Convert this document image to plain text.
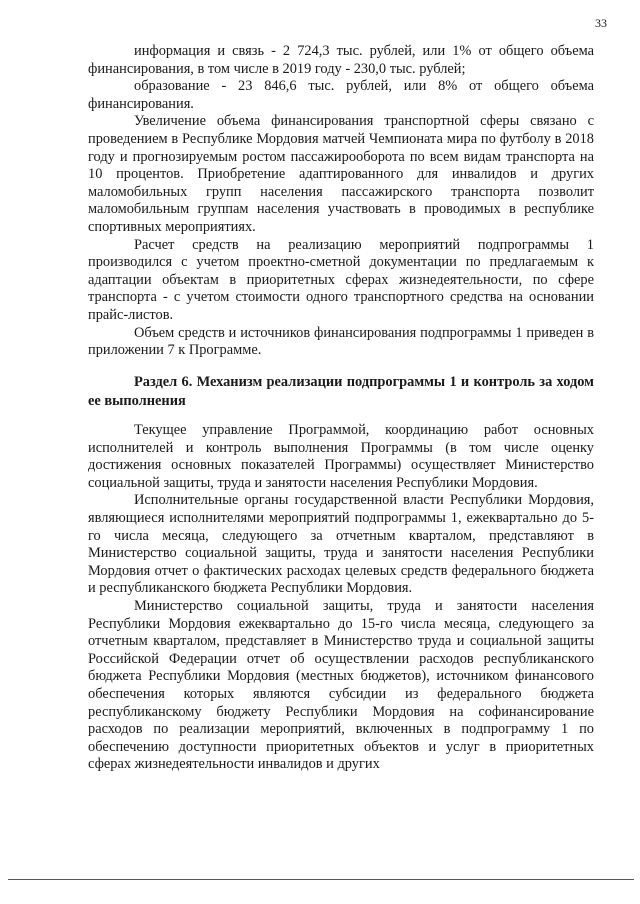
33

информация и связь - 2 724,3 тыс. рублей, или 1% от общего объема финансирования, в том числе в 2019 году - 230,0 тыс. рублей;

образование - 23 846,6 тыс. рублей, или 8% от общего объема финансирования.

Увеличение объема финансирования транспортной сферы связано с проведением в Республике Мордовия матчей Чемпионата мира по футболу в 2018 году и прогнозируемым ростом пассажирооборота по всем видам транспорта на 10 процентов. Приобретение адаптированного для инвалидов и других маломобильных групп населения пассажирского транспорта позволит маломобильным группам населения участвовать в проводимых в республике спортивных мероприятиях.

Расчет средств на реализацию мероприятий подпрограммы 1 производился с учетом проектно-сметной документации по предлагаемым к адаптации объектам в приоритетных сферах жизнедеятельности, по сфере транспорта - с учетом стоимости одного транспортного средства на основании прайс-листов.

Объем средств и источников финансирования подпрограммы 1 приведен в приложении 7 к Программе.

Раздел 6. Механизм реализации подпрограммы 1 и контроль за ходом ее выполнения

Текущее управление Программой, координацию работ основных исполнителей и контроль выполнения Программы (в том числе оценку достижения основных показателей Программы) осуществляет Министерство социальной защиты, труда и занятости населения Республики Мордовия.

Исполнительные органы государственной власти Республики Мордовия, являющиеся исполнителями мероприятий подпрограммы 1, ежеквартально до 5-го числа месяца, следующего за отчетным кварталом, представляют в Министерство социальной защиты, труда и занятости населения Республики Мордовия отчет о фактических расходах целевых средств федерального бюджета и республиканского бюджета Республики Мордовия.

Министерство социальной защиты, труда и занятости населения Республики Мордовия ежеквартально до 15-го числа месяца, следующего за отчетным кварталом, представляет в Министерство труда и социальной защиты Российской Федерации отчет об осуществлении расходов республиканского бюджета Республики Мордовия (местных бюджетов), источником финансового обеспечения которых являются субсидии из федерального бюджета республиканскому бюджету Республики Мордовия на софинансирование расходов по реализации мероприятий, включенных в подпрограмму 1 по обеспечению доступности приоритетных объектов и услуг в приоритетных сферах жизнедеятельности инвалидов и других
